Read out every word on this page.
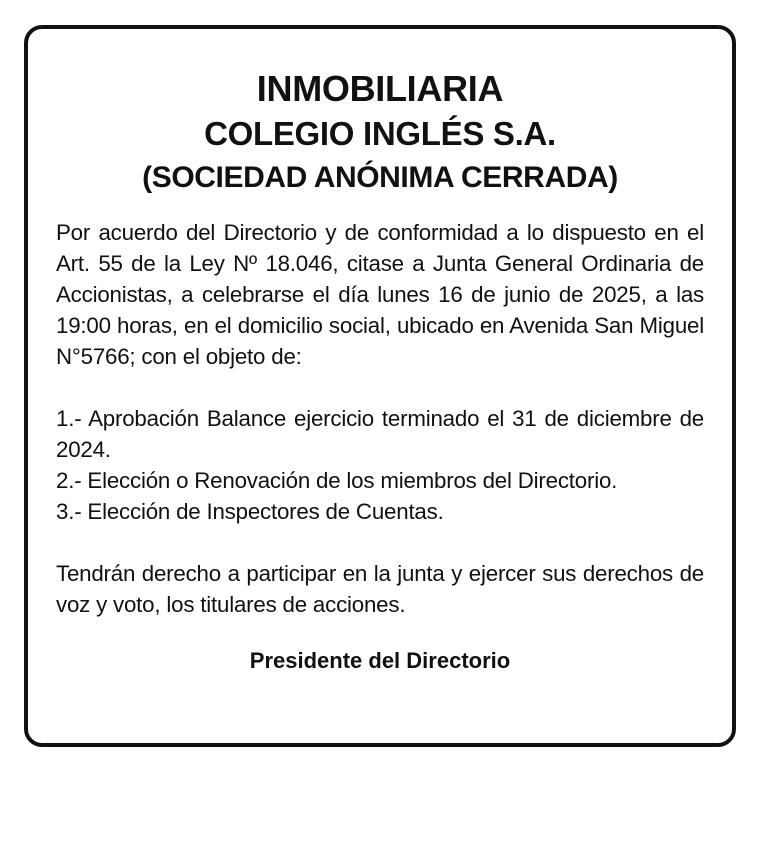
INMOBILIARIA
COLEGIO INGLÉS S.A.
(SOCIEDAD ANÓNIMA CERRADA)

Por acuerdo del Directorio y de conformidad a lo dispuesto en el Art. 55 de la Ley Nº 18.046, citase a Junta General Ordinaria de Accionistas, a celebrarse el día lunes 16 de junio de 2025, a las 19:00 horas, en el domicilio social, ubicado en Avenida San Miguel N°5766; con el objeto de:

1.- Aprobación Balance ejercicio terminado el 31 de diciembre de 2024.
2.- Elección o Renovación de los miembros del Directorio.
3.- Elección de Inspectores de Cuentas.

Tendrán derecho a participar en la junta y ejercer sus derechos de voz y voto, los titulares de acciones.

Presidente del Directorio
